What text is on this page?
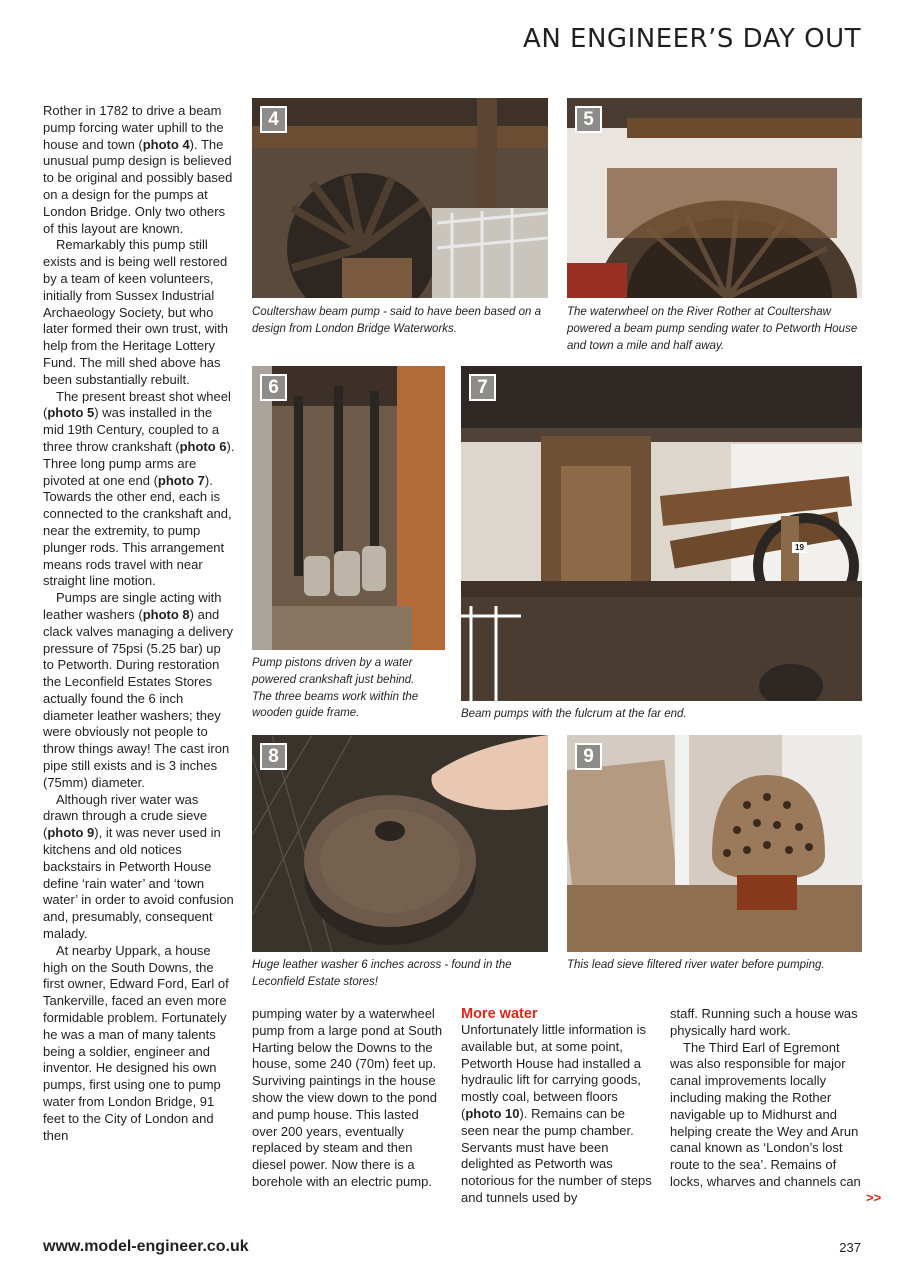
AN ENGINEER’S DAY OUT

Rother in 1782 to drive a beam pump forcing water uphill to the house and town (photo 4). The unusual pump design is believed to be original and possibly based on a design for the pumps at London Bridge. Only two others of this layout are known.

Remarkably this pump still exists and is being well restored by a team of keen volunteers, initially from Sussex Industrial Archaeology Society, but who later formed their own trust, with help from the Heritage Lottery Fund. The mill shed above has been substantially rebuilt.

The present breast shot wheel (photo 5) was installed in the mid 19th Century, coupled to a three throw crankshaft (photo 6). Three long pump arms are pivoted at one end (photo 7). Towards the other end, each is connected to the crankshaft and, near the extremity, to pump plunger rods. This arrangement means rods travel with near straight line motion.

Pumps are single acting with leather washers (photo 8) and clack valves managing a delivery pressure of 75psi (5.25 bar) up to Petworth. During restoration the Leconfield Estates Stores actually found the 6 inch diameter leather washers; they were obviously not people to throw things away! The cast iron pipe still exists and is 3 inches (75mm) diameter.

Although river water was drawn through a crude sieve (photo 9), it was never used in kitchens and old notices backstairs in Petworth House define ‘rain water’ and ‘town water’ in order to avoid confusion and, presumably, consequent malady.

At nearby Uppark, a house high on the South Downs, the first owner, Edward Ford, Earl of Tankerville, faced an even more formidable problem. Fortunately he was a man of many talents being a soldier, engineer and inventor. He designed his own pumps, first using one to pump water from London Bridge, 91 feet to the City of London and then

4
Coultershaw beam pump - said to have been based on a design from London Bridge Waterworks.
5
The waterwheel on the River Rother at Coultershaw powered a beam pump sending water to Petworth House and town a mile and half away.
6
Pump pistons driven by a water powered crankshaft just behind. The three beams work within the wooden guide frame.
7
19
Beam pumps with the fulcrum at the far end.
8
Huge leather washer 6 inches across - found in the Leconfield Estate stores!
9
This lead sieve filtered river water before pumping.

pumping water by a waterwheel pump from a large pond at South Harting below the Downs to the house, some 240 (70m) feet up. Surviving paintings in the house show the view down to the pond and pump house. This lasted over 200 years, eventually replaced by steam and then diesel power. Now there is a borehole with an electric pump.

More water

Unfortunately little information is available but, at some point, Petworth House had installed a hydraulic lift for carrying goods, mostly coal, between floors (photo 10). Remains can be seen near the pump chamber. Servants must have been delighted as Petworth was notorious for the number of steps and tunnels used by

staff. Running such a house was physically hard work.

The Third Earl of Egremont was also responsible for major canal improvements locally including making the Rother navigable up to Midhurst and helping create the Wey and Arun canal known as ‘London’s lost route to the sea’. Remains of locks, wharves and channels can

>>
www.model-engineer.co.uk	237
